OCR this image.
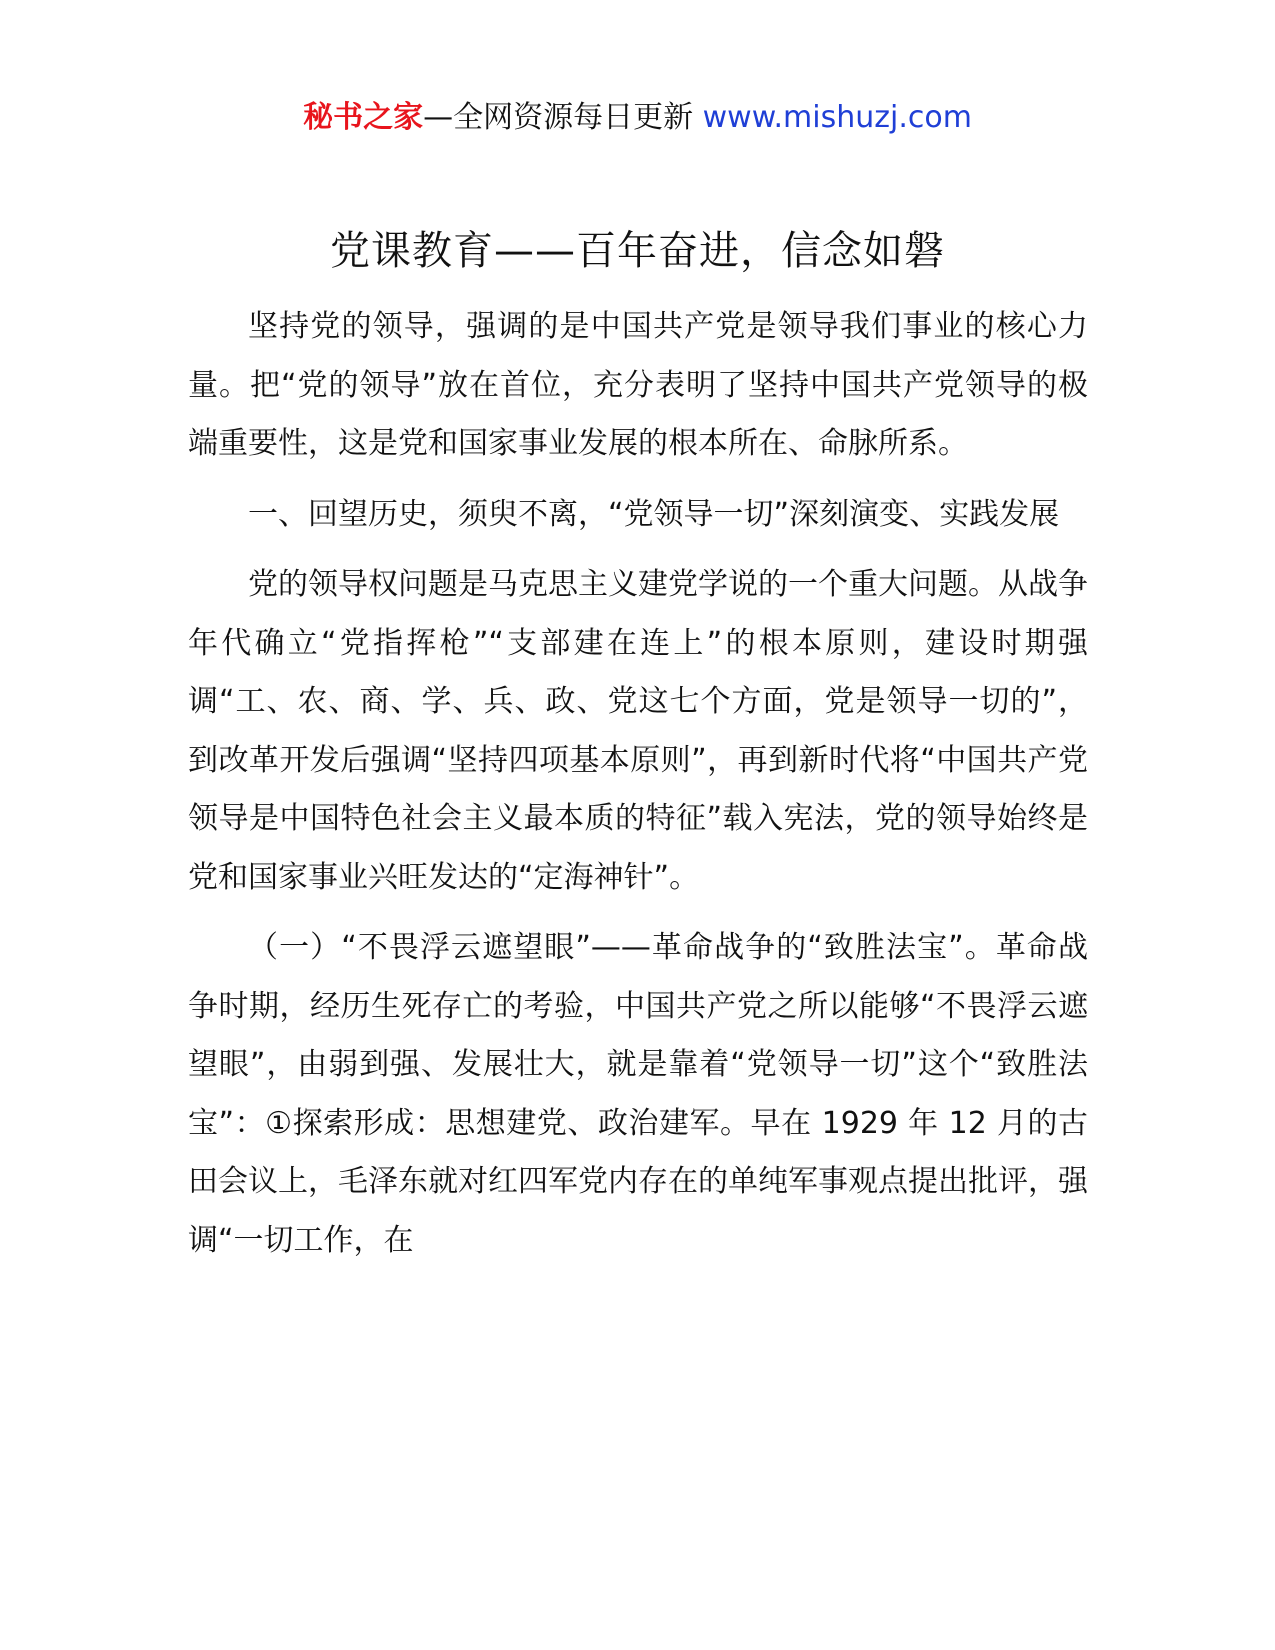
秘书之家—全网资源每日更新 www.mishuzj.com
党课教育——百年奋进，信念如磐

坚持党的领导，强调的是中国共产党是领导我们事业的核心力量。把“党的领导”放在首位，充分表明了坚持中国共产党领导的极端重要性，这是党和国家事业发展的根本所在、命脉所系。

一、回望历史，须臾不离，“党领导一切”深刻演变、实践发展

党的领导权问题是马克思主义建党学说的一个重大问题。从战争年代确立“党指挥枪”“支部建在连上”的根本原则，建设时期强调“工、农、商、学、兵、政、党这七个方面，党是领导一切的”，到改革开发后强调“坚持四项基本原则”，再到新时代将“中国共产党领导是中国特色社会主义最本质的特征”载入宪法，党的领导始终是党和国家事业兴旺发达的“定海神针”。

（一）“不畏浮云遮望眼”——革命战争的“致胜法宝”。革命战争时期，经历生死存亡的考验，中国共产党之所以能够“不畏浮云遮望眼”，由弱到强、发展壮大，就是靠着“党领导一切”这个“致胜法宝”：①探索形成：思想建党、政治建军。早在 1929 年 12 月的古田会议上，毛泽东就对红四军党内存在的单纯军事观点提出批评，强调“一切工作，在
